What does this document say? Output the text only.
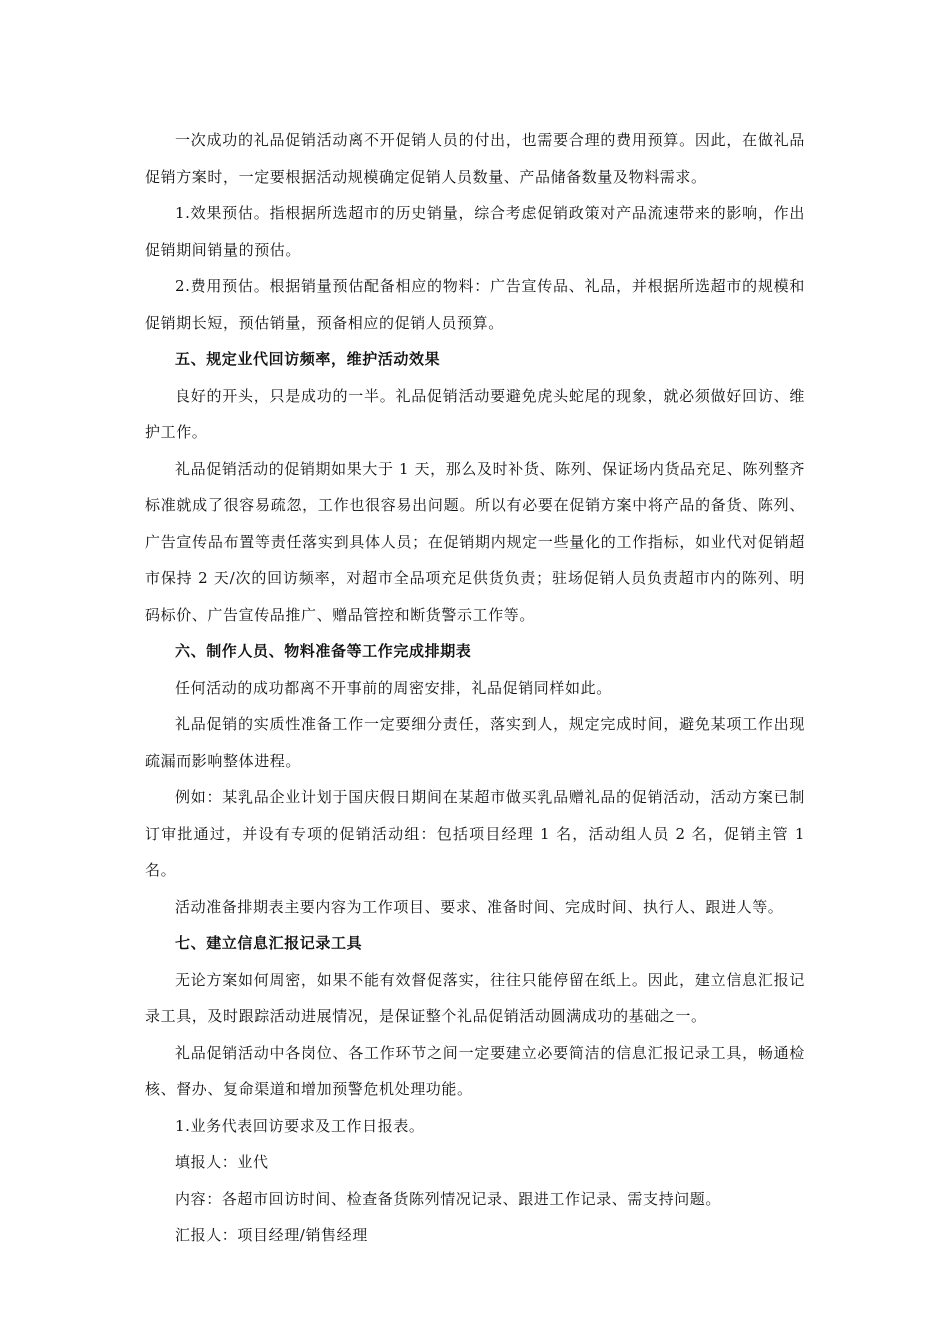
一次成功的礼品促销活动离不开促销人员的付出，也需要合理的费用预算。因此，在做礼品促销方案时，一定要根据活动规模确定促销人员数量、产品储备数量及物料需求。

1.效果预估。指根据所选超市的历史销量，综合考虑促销政策对产品流速带来的影响，作出促销期间销量的预估。

2.费用预估。根据销量预估配备相应的物料：广告宣传品、礼品，并根据所选超市的规模和促销期长短，预估销量，预备相应的促销人员预算。

五、规定业代回访频率，维护活动效果

良好的开头，只是成功的一半。礼品促销活动要避免虎头蛇尾的现象，就必须做好回访、维护工作。

礼品促销活动的促销期如果大于 1 天，那么及时补货、陈列、保证场内货品充足、陈列整齐标准就成了很容易疏忽，工作也很容易出问题。所以有必要在促销方案中将产品的备货、陈列、广告宣传品布置等责任落实到具体人员；在促销期内规定一些量化的工作指标，如业代对促销超市保持 2 天/次的回访频率，对超市全品项充足供货负责；驻场促销人员负责超市内的陈列、明码标价、广告宣传品推广、赠品管控和断货警示工作等。

六、制作人员、物料准备等工作完成排期表

任何活动的成功都离不开事前的周密安排，礼品促销同样如此。

礼品促销的实质性准备工作一定要细分责任，落实到人，规定完成时间，避免某项工作出现疏漏而影响整体进程。

例如：某乳品企业计划于国庆假日期间在某超市做买乳品赠礼品的促销活动，活动方案已制订审批通过，并设有专项的促销活动组：包括项目经理 1 名，活动组人员 2 名，促销主管 1 名。

活动准备排期表主要内容为工作项目、要求、准备时间、完成时间、执行人、跟进人等。

七、建立信息汇报记录工具

无论方案如何周密，如果不能有效督促落实，往往只能停留在纸上。因此，建立信息汇报记录工具，及时跟踪活动进展情况，是保证整个礼品促销活动圆满成功的基础之一。

礼品促销活动中各岗位、各工作环节之间一定要建立必要简洁的信息汇报记录工具，畅通检核、督办、复命渠道和增加预警危机处理功能。

1.业务代表回访要求及工作日报表。

填报人：业代

内容：各超市回访时间、检查备货陈列情况记录、跟进工作记录、需支持问题。

汇报人：项目经理/销售经理
